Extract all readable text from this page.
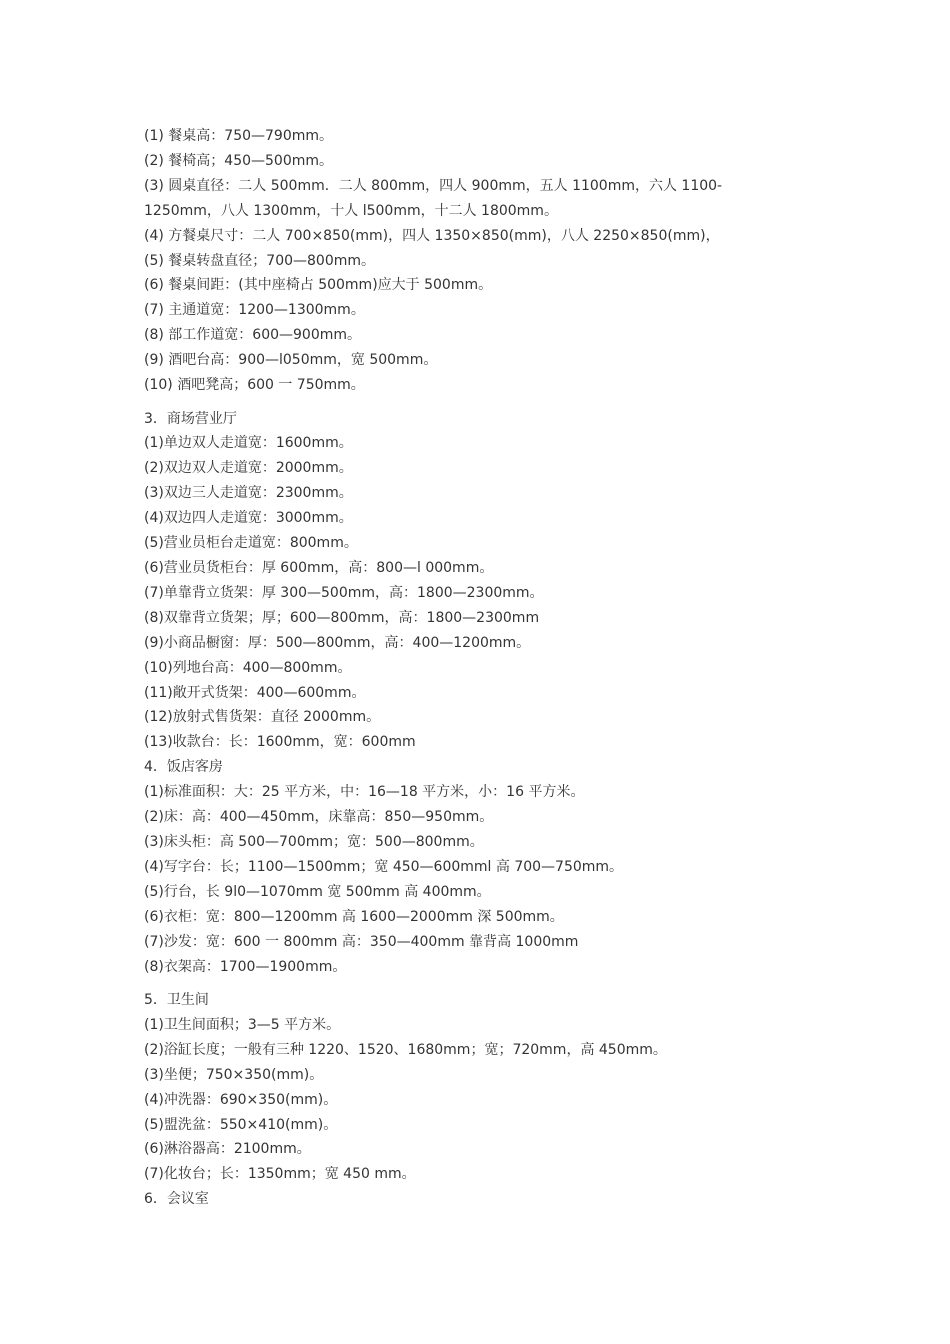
(1) 餐桌高：750—790mm。
(2) 餐椅高；450—500mm。
(3) 圆桌直径：二人 500mm．二人 800mm，四人 900mm，五人 1100mm，六人 1100-
1250mm，八人 1300mm，十人 l500mm，十二人 1800mm。
(4) 方餐桌尺寸：二人 700×850(mm)，四人 1350×850(mm)，八人 2250×850(mm)，
(5) 餐桌转盘直径；700—800mm。
(6) 餐桌间距：(其中座椅占 500mm)应大于 500mm。
(7) 主通道宽：1200—1300mm。
(8) 部工作道宽：600—900mm。
(9) 酒吧台高：900—l050mm，宽 500mm。
(10) 酒吧凳高；600 一 750mm。
3．商场营业厅
(1)单边双人走道宽：1600mm。
(2)双边双人走道宽：2000mm。
(3)双边三人走道宽：2300mm。
(4)双边四人走道宽：3000mm。
(5)营业员柜台走道宽：800mm。
(6)营业员货柜台：厚 600mm，高：800—l 000mm。
(7)单靠背立货架：厚 300—500mm，高：1800—2300mm。
(8)双靠背立货架；厚；600—800mm，高：1800—2300mm
(9)小商品橱窗：厚：500—800mm，高：400—1200mm。
(10)列地台高：400—800mm。
(11)敞开式货架：400—600mm。
(12)放射式售货架：直径 2000mm。
(13)收款台：长：1600mm，宽：600mm
4．饭店客房
(1)标准面积：大：25 平方米，中：16—18 平方米，小：16 平方米。
(2)床：高：400—450mm，床靠高：850—950mm。
(3)床头柜：高 500—700mm；宽：500—800mm。
(4)写字台：长；1100—1500mm；宽 450—600mml 高 700—750mm。
(5)行台，长 9l0—1070mm 宽 500mm 高 400mm。
(6)衣柜：宽：800—1200mm 高 1600—2000mm 深 500mm。
(7)沙发：宽：600 一 800mm 高：350—400mm 靠背高 1000mm
(8)衣架高：1700—1900mm。
5．卫生间
(1)卫生间面积；3—5 平方米。
(2)浴缸长度；一般有三种 1220、1520、1680mm；宽；720mm，高 450mm。
(3)坐便；750×350(mm)。
(4)冲洗器：690×350(mm)。
(5)盟洗盆：550×410(mm)。
(6)淋浴器高：2100mm。
(7)化妆台；长：1350mm；宽 450 mm。
6．会议室
